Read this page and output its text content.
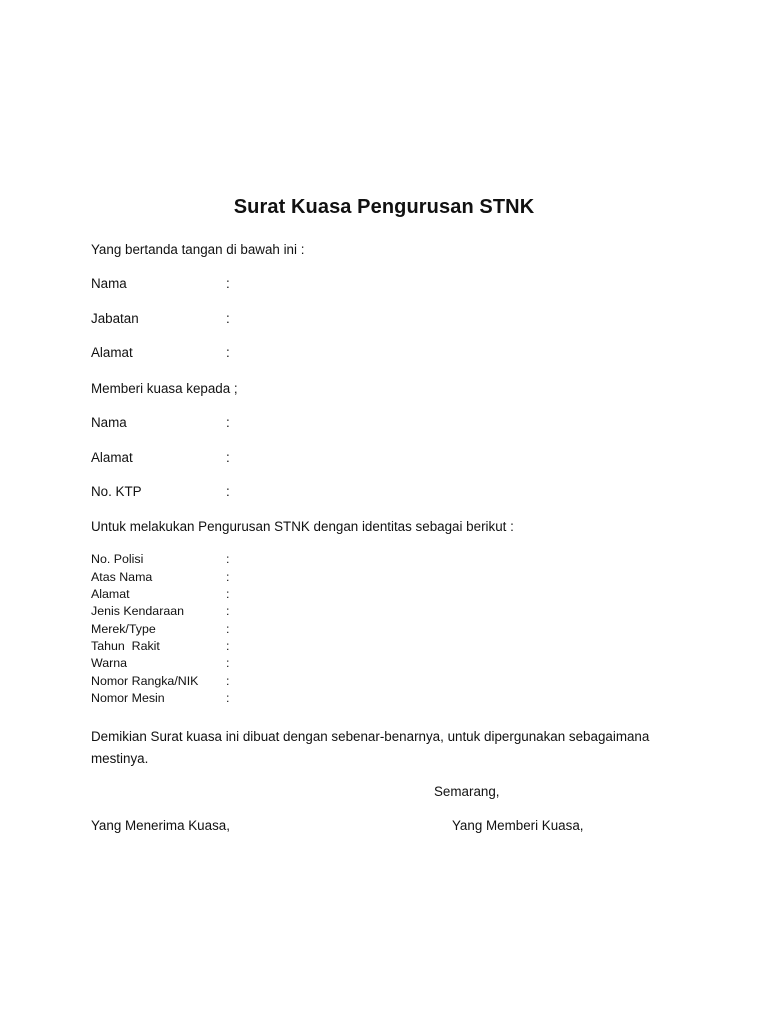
Surat Kuasa Pengurusan STNK
Yang bertanda tangan di bawah ini :
Nama	:
Jabatan	:
Alamat	:
Memberi kuasa kepada ;
Nama	:
Alamat	:
No. KTP	:
Untuk melakukan Pengurusan STNK dengan identitas sebagai berikut :
No. Polisi	:
Atas Nama	:
Alamat	:
Jenis Kendaraan	:
Merek/Type	:
Tahun  Rakit	:
Warna	:
Nomor Rangka/NIK :
Nomor Mesin	:
Demikian Surat kuasa ini dibuat dengan sebenar-benarnya, untuk dipergunakan sebagaimana mestinya.
Semarang,
Yang Menerima Kuasa,	Yang Memberi Kuasa,
